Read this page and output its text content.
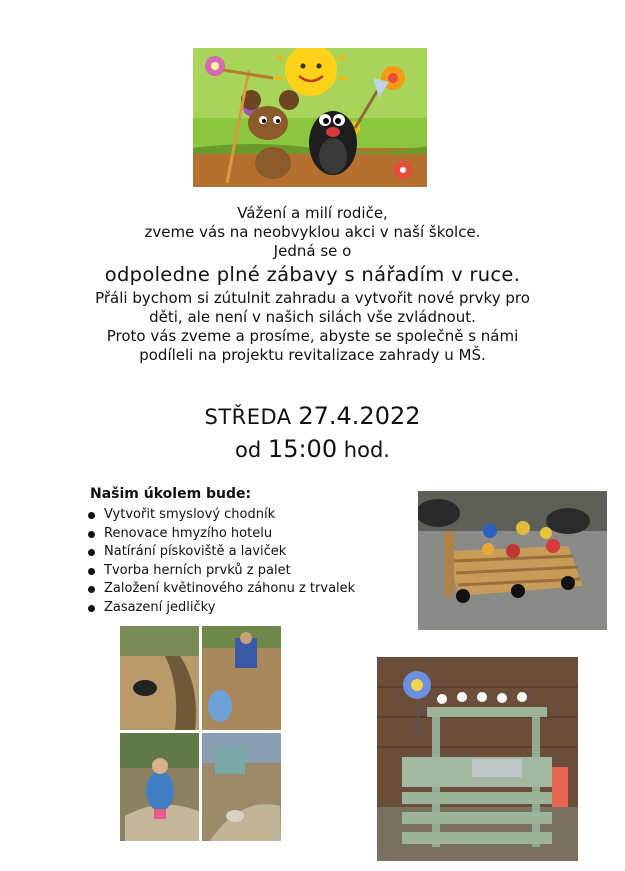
Vážení a milí rodiče,
zveme vás na neobvyklou akci v naší školce.
Jedná se o
odpoledne plné zábavy s nářadím v ruce.
Přáli bychom si zútulnit zahradu a vytvořit nové prvky pro
děti, ale není v našich silách vše zvládnout.
Proto vás zveme a prosíme, abyste se společně s námi
podíleli na projektu revitalizace zahrady u MŠ.
STŘEDA 27.4.2022
od 15:00 hod.
Našim úkolem bude:
Vytvořit smyslový chodník
Renovace hmyzího hotelu
Natírání pískoviště a laviček
Tvorba herních prvků z palet
Založení květinového záhonu z trvalek
Zasazení jedličky
